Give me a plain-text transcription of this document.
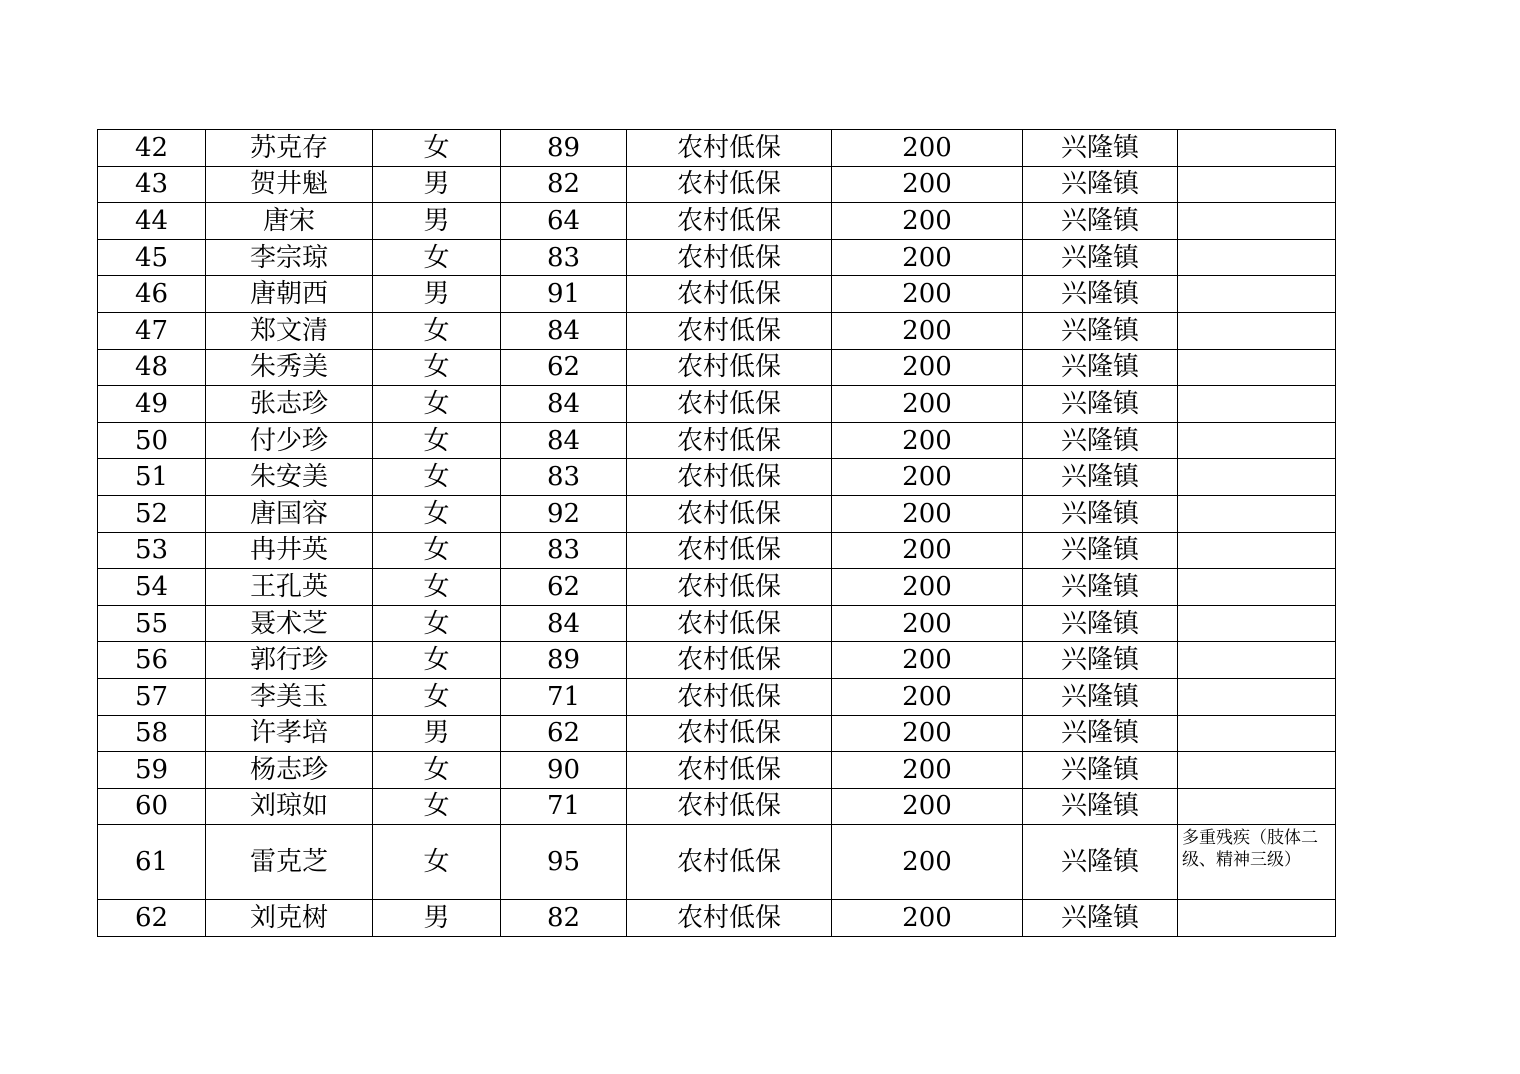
42	苏克存	女	89	农村低保	200	兴隆镇	
43	贺井魁	男	82	农村低保	200	兴隆镇	
44	唐宋	男	64	农村低保	200	兴隆镇	
45	李宗琼	女	83	农村低保	200	兴隆镇	
46	唐朝西	男	91	农村低保	200	兴隆镇	
47	郑文清	女	84	农村低保	200	兴隆镇	
48	朱秀美	女	62	农村低保	200	兴隆镇	
49	张志珍	女	84	农村低保	200	兴隆镇	
50	付少珍	女	84	农村低保	200	兴隆镇	
51	朱安美	女	83	农村低保	200	兴隆镇	
52	唐国容	女	92	农村低保	200	兴隆镇	
53	冉井英	女	83	农村低保	200	兴隆镇	
54	王孔英	女	62	农村低保	200	兴隆镇	
55	聂术芝	女	84	农村低保	200	兴隆镇	
56	郭行珍	女	89	农村低保	200	兴隆镇	
57	李美玉	女	71	农村低保	200	兴隆镇	
58	许孝培	男	62	农村低保	200	兴隆镇	
59	杨志珍	女	90	农村低保	200	兴隆镇	
60	刘琼如	女	71	农村低保	200	兴隆镇	
61	雷克芝	女	95	农村低保	200	兴隆镇	多重残疾（肢体二级、精神三级）
62	刘克树	男	82	农村低保	200	兴隆镇	
